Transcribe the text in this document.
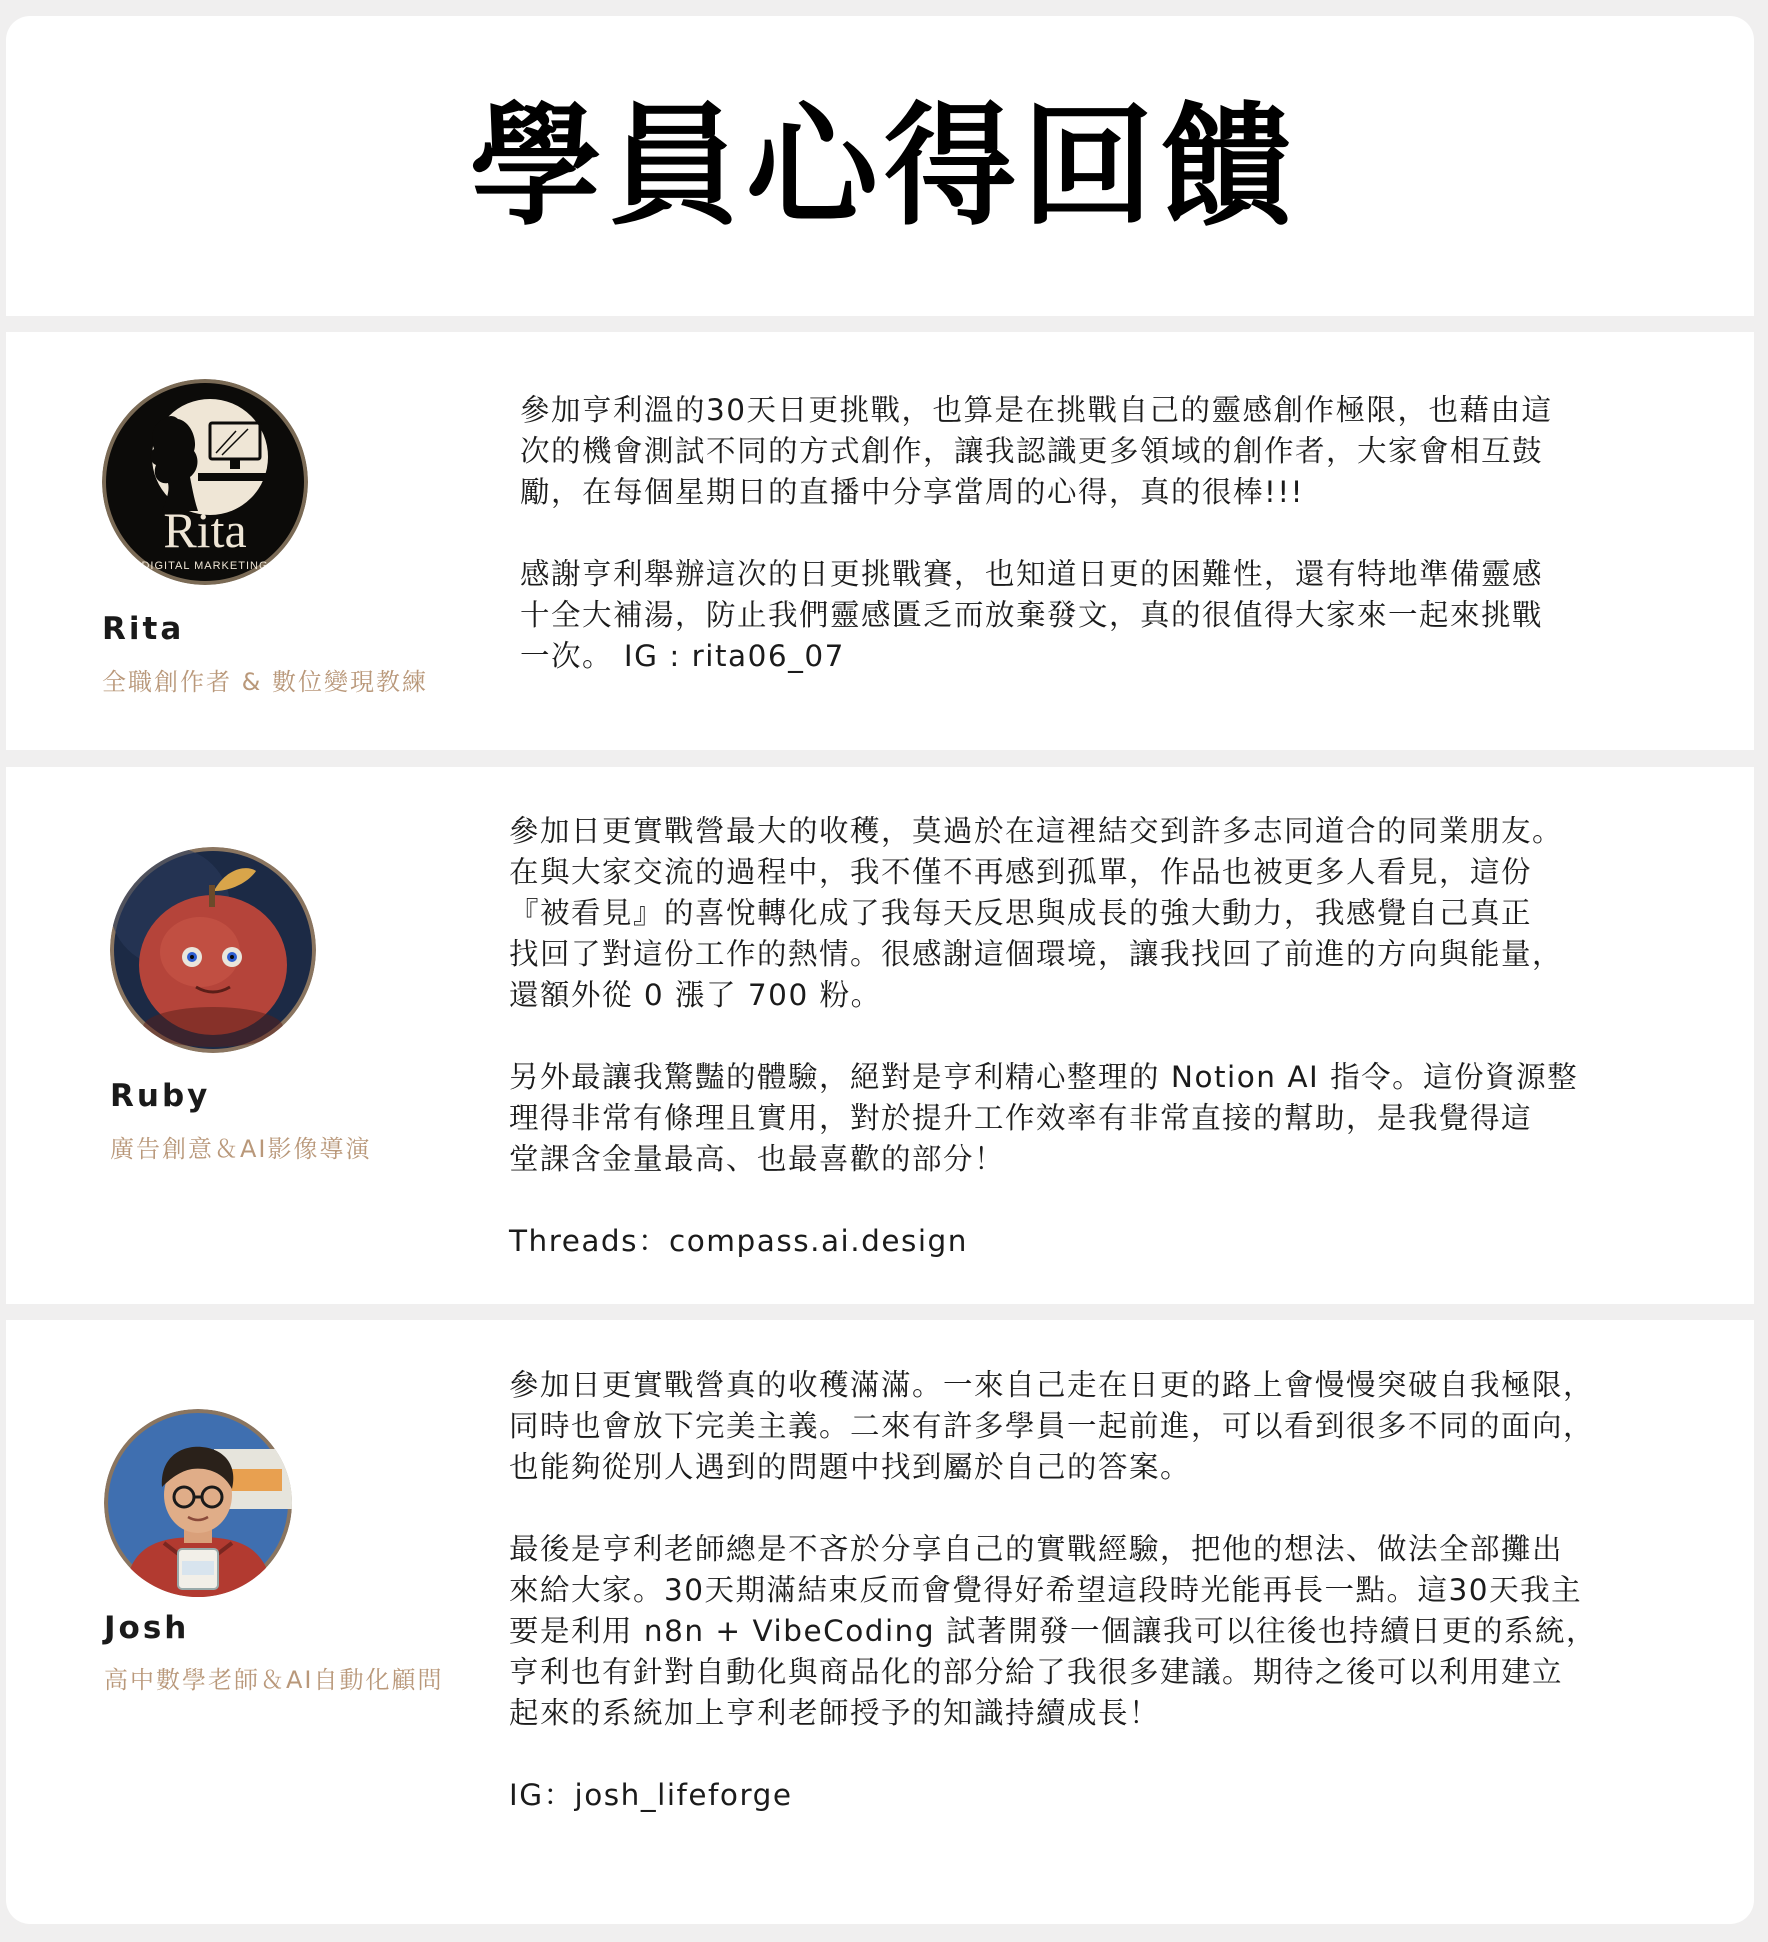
學員心得回饋
Rita
DIGITAL MARKETING
Rita
全職創作者 & 數位變現教練
參加亨利溫的30天日更挑戰，也算是在挑戰自己的靈感創作極限，也藉由這
次的機會測試不同的方式創作，讓我認識更多領域的創作者，大家會相互鼓
勵，在每個星期日的直播中分享當周的心得，真的很棒!!!
感謝亨利舉辦這次的日更挑戰賽，也知道日更的困難性，還有特地準備靈感
十全大補湯，防止我們靈感匱乏而放棄發文，真的很值得大家來一起來挑戰
一次。 IG : rita06_07
Ruby
廣告創意＆AI影像導演
參加日更實戰營最大的收穫，莫過於在這裡結交到許多志同道合的同業朋友。
在與大家交流的過程中，我不僅不再感到孤單，作品也被更多人看見，這份
『被看見』的喜悅轉化成了我每天反思與成長的強大動力，我感覺自己真正
找回了對這份工作的熱情。很感謝這個環境，讓我找回了前進的方向與能量，
還額外從 0 漲了 700 粉。
另外最讓我驚豔的體驗，絕對是亨利精心整理的 Notion AI 指令。這份資源整
理得非常有條理且實用，對於提升工作效率有非常直接的幫助，是我覺得這
堂課含金量最高、也最喜歡的部分！
Threads：compass.ai.design
Josh
高中數學老師＆AI自動化顧問
參加日更實戰營真的收穫滿滿。一來自己走在日更的路上會慢慢突破自我極限，
同時也會放下完美主義。二來有許多學員一起前進，可以看到很多不同的面向，
也能夠從別人遇到的問題中找到屬於自己的答案。
最後是亨利老師總是不吝於分享自己的實戰經驗，把他的想法、做法全部攤出
來給大家。30天期滿結束反而會覺得好希望這段時光能再長一點。這30天我主
要是利用 n8n + VibeCoding 試著開發一個讓我可以往後也持續日更的系統，
亨利也有針對自動化與商品化的部分給了我很多建議。期待之後可以利用建立
起來的系統加上亨利老師授予的知識持續成長！
IG：josh_lifeforge
